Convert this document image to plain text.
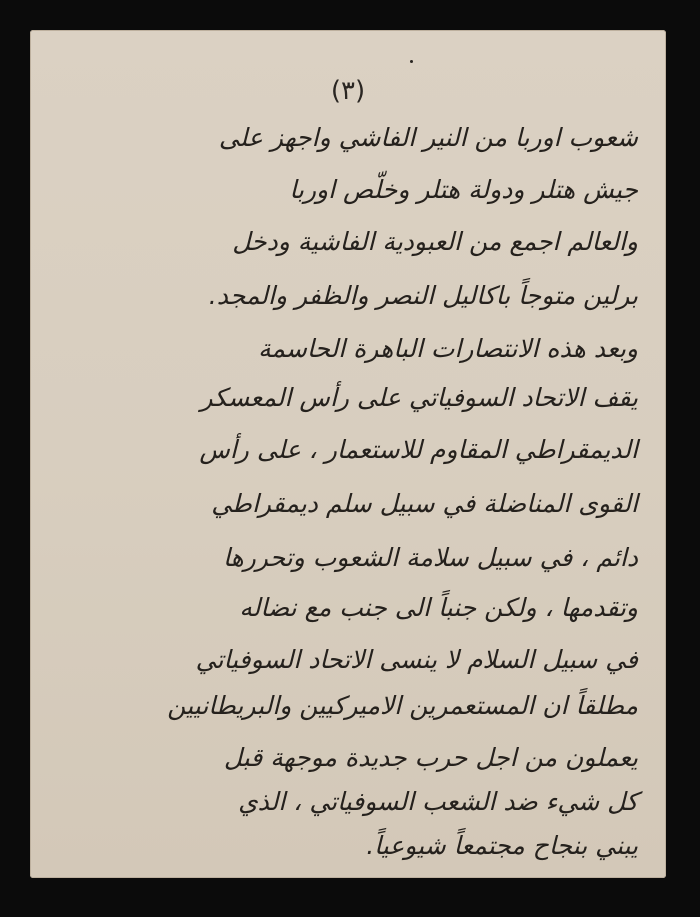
(٣)
شعوب اوربا من النير الفاشي واجهز على
جيش هتلر ودولة هتلر وخلّص اوربا
والعالم اجمع من العبودية الفاشية ودخل
برلين متوجاً باكاليل النصر والظفر والمجد.
وبعد هذه الانتصارات الباهرة الحاسمة
يقف الاتحاد السوفياتي على رأس المعسكر
الديمقراطي المقاوم للاستعمار ، على رأس
القوى المناضلة في سبيل سلم ديمقراطي
دائم ، في سبيل سلامة الشعوب وتحررها
وتقدمها ، ولكن جنباً الى جنب مع نضاله
في سبيل السلام لا ينسى الاتحاد السوفياتي
مطلقاً ان المستعمرين الاميركيين والبريطانيين
يعملون من اجل حرب جديدة موجهة قبل
كل شيء ضد الشعب السوفياتي ، الذي
يبني بنجاح مجتمعاً شيوعياً.
